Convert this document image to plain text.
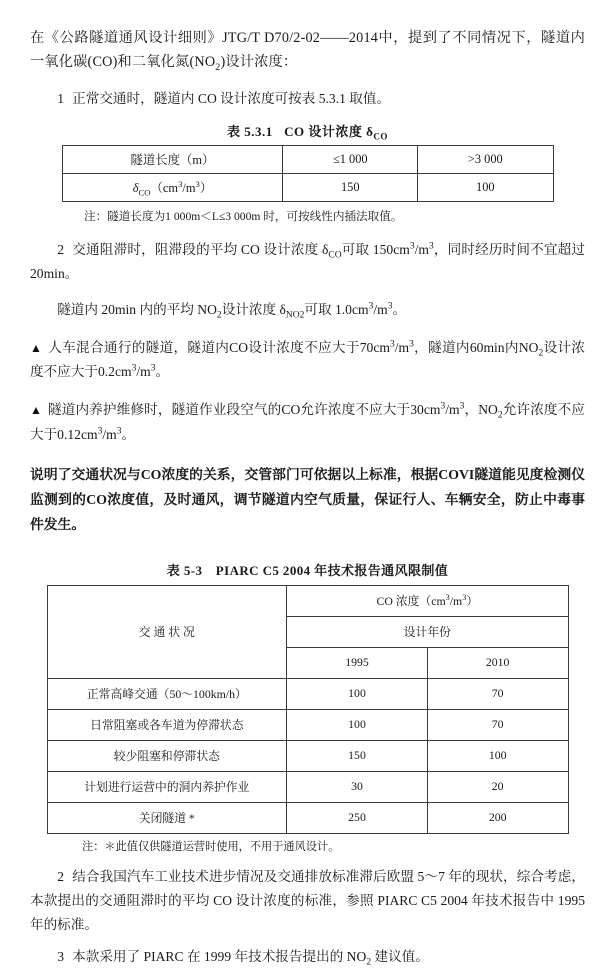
在《公路隧道通风设计细则》JTG/T D70/2-02——2014中，提到了不同情况下，隧道内一氧化碳(CO)和二氧化氮$(NO_2)$设计浓度：

1 正常交通时，隧道内 CO 设计浓度可按表 5.3.1 取值。

表 5.3.1 CO 设计浓度 $\delta_{CO}$
隧道长度（m）	≤1 000	>3 000
$\delta_{CO}(cm^3/m^3)$	150	100

注：隧道长度为1 000m＜L≤3 000m 时，可按线性内插法取值。

2 交通阻滞时，阻滞段的平均 CO 设计浓度 $\delta_{CO}$可取 $150cm^3/m^3$，同时经历时间不宜超过 20min。

隧道内 20min 内的平均 $NO_2$设计浓度 $\delta_{NO2}$可取 $1.0cm^3/m^3$。

▲ 人车混合通行的隧道，隧道内CO设计浓度不应大于$70cm^3/m^3$，隧道内60min内$NO_2$设计浓度不应大于$0.2cm^3/m^3$。

▲ 隧道内养护维修时，隧道作业段空气的CO允许浓度不应大于$30cm^3/m^3$，$NO_2$允许浓度不应大于$0.12cm^3/m^3$。

说明了交通状况与CO浓度的关系，交管部门可依据以上标准，根据COVI隧道能见度检测仪监测到的CO浓度值，及时通风，调节隧道内空气质量，保证行人、车辆安全，防止中毒事件发生。

表 5-3　PIARC C5 2004 年技术报告通风限制值
交 通 状 况	CO 浓度$(cm^3/m^3)$	
	设计年份	
	1995	2010
正常高峰交通（50～100km/h）	100	70
日常阻塞或各车道为停滞状态	100	70
较少阻塞和停滞状态	150	100
计划进行运营中的洞内养护作业	30	20
关闭隧道 *	250	200

注：＊此值仅供隧道运营时使用，不用于通风设计。

2 结合我国汽车工业技术进步情况及交通排放标准滞后欧盟 5～7 年的现状，综合考虑，本款提出的交通阻滞时的平均 CO 设计浓度的标准，参照 PIARC C5 2004 年技术报告中 1995 年的标准。

3 本款采用了 PIARC 在 1999 年技术报告提出的 $NO_2$ 建议值。
